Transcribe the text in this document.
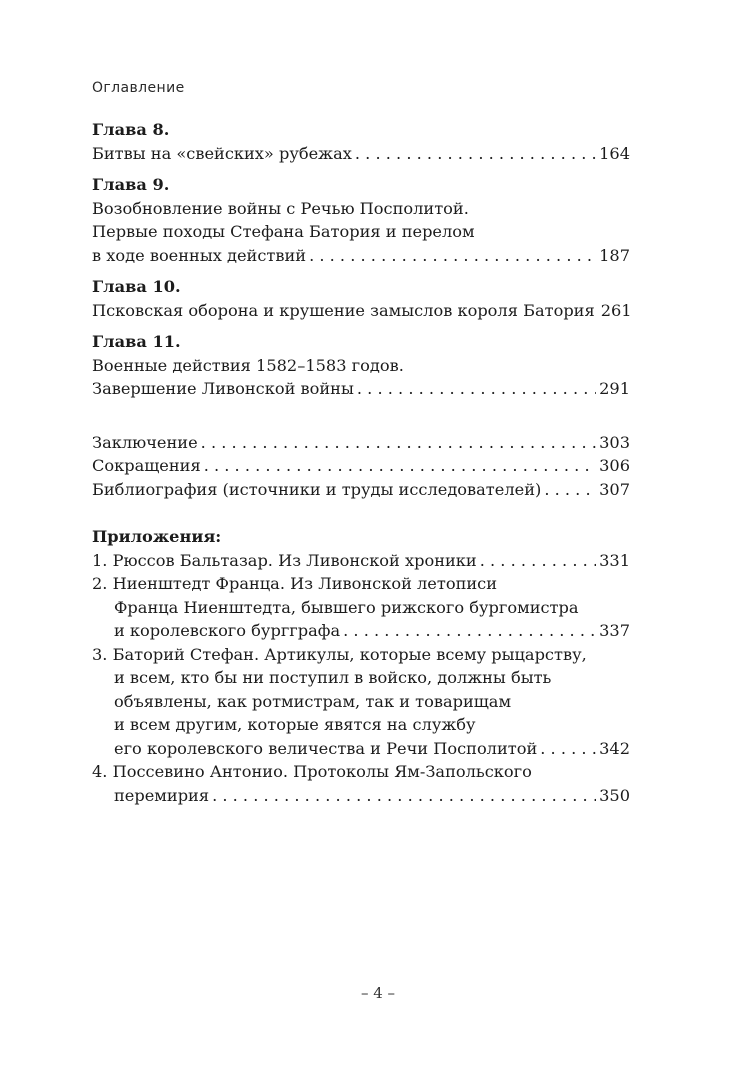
Оглавление
Глава 8.
Битвы на «свейских» рубежах . . .	164
Глава 9.
Возобновление войны с Речью Посполитой.
Первые походы Стефана Батория и перелом
в ходе военных действий . . .	187
Глава 10.
Псковская оборона и крушение замыслов короля Батория 261
Глава 11.
Военные действия 1582–1583 годов.
Завершение Ливонской войны . . .	291
Заключение . . .	303
Сокращения . . .	306
Библиография (источники и труды исследователей) . . .	307
Приложения:
1. Рюссов Бальтазар. Из Ливонской хроники . . .	331
2. Ниенштедт Франца. Из Ливонской летописи
Франца Ниенштедта, бывшего рижского бургомистра
и королевского бургграфа . . .	337
3. Баторий Стефан. Артикулы, которые всему рыцарству,
и всем, кто бы ни поступил в войско, должны быть
объявлены, как ротмистрам, так и товарищам
и всем другим, которые явятся на службу
его королевского величества и Речи Посполитой . . .	342
4. Поссевино Антонио. Протоколы Ям-Запольского
перемирия . . .	350
– 4 –
